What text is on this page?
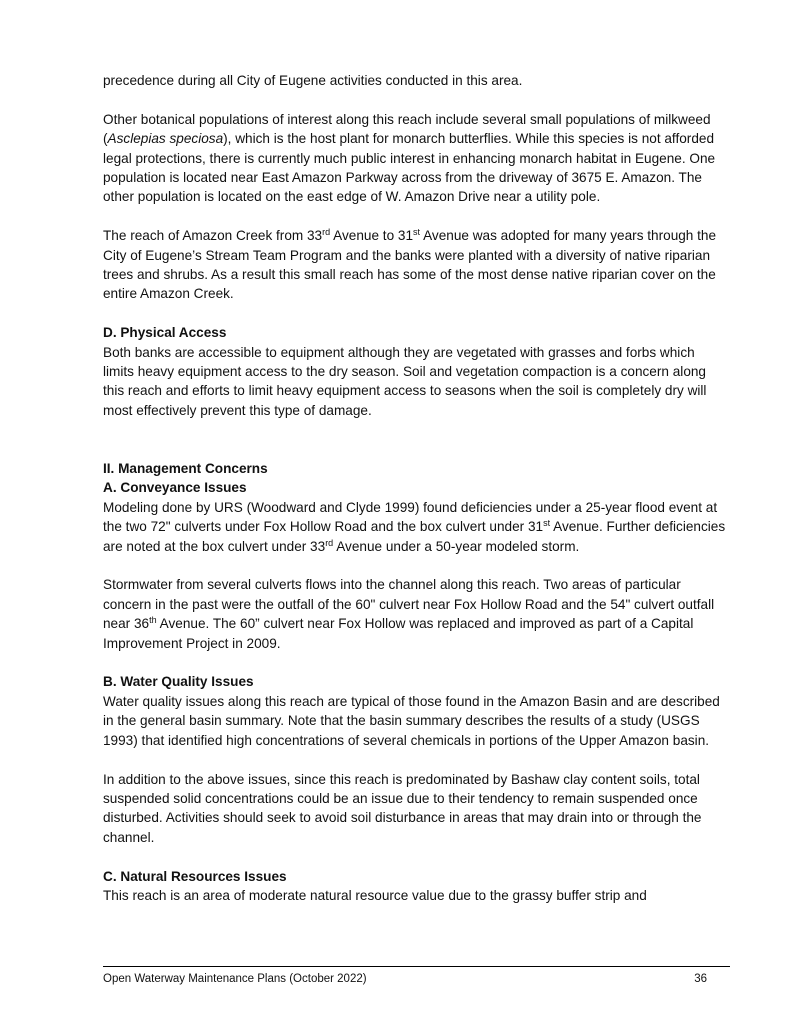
precedence during all City of Eugene activities conducted in this area.

Other botanical populations of interest along this reach include several small populations of milkweed (Asclepias speciosa), which is the host plant for monarch butterflies. While this species is not afforded legal protections, there is currently much public interest in enhancing monarch habitat in Eugene. One population is located near East Amazon Parkway across from the driveway of 3675 E. Amazon. The other population is located on the east edge of W. Amazon Drive near a utility pole.

The reach of Amazon Creek from 33rd Avenue to 31st Avenue was adopted for many years through the City of Eugene’s Stream Team Program and the banks were planted with a diversity of native riparian trees and shrubs. As a result this small reach has some of the most dense native riparian cover on the entire Amazon Creek.

D. Physical Access

Both banks are accessible to equipment although they are vegetated with grasses and forbs which limits heavy equipment access to the dry season. Soil and vegetation compaction is a concern along this reach and efforts to limit heavy equipment access to seasons when the soil is completely dry will most effectively prevent this type of damage.

II. Management Concerns
A. Conveyance Issues

Modeling done by URS (Woodward and Clyde 1999) found deficiencies under a 25-year flood event at the two 72" culverts under Fox Hollow Road and the box culvert under 31st Avenue. Further deficiencies are noted at the box culvert under 33rd Avenue under a 50-year modeled storm.

Stormwater from several culverts flows into the channel along this reach. Two areas of particular concern in the past were the outfall of the 60" culvert near Fox Hollow Road and the 54" culvert outfall near 36th Avenue. The 60” culvert near Fox Hollow was replaced and improved as part of a Capital Improvement Project in 2009.

B. Water Quality Issues

Water quality issues along this reach are typical of those found in the Amazon Basin and are described in the general basin summary. Note that the basin summary describes the results of a study (USGS 1993) that identified high concentrations of several chemicals in portions of the Upper Amazon basin.

In addition to the above issues, since this reach is predominated by Bashaw clay content soils, total suspended solid concentrations could be an issue due to their tendency to remain suspended once disturbed. Activities should seek to avoid soil disturbance in areas that may drain into or through the channel.

C. Natural Resources Issues

This reach is an area of moderate natural resource value due to the grassy buffer strip and

Open Waterway Maintenance Plans (October 2022)	36
